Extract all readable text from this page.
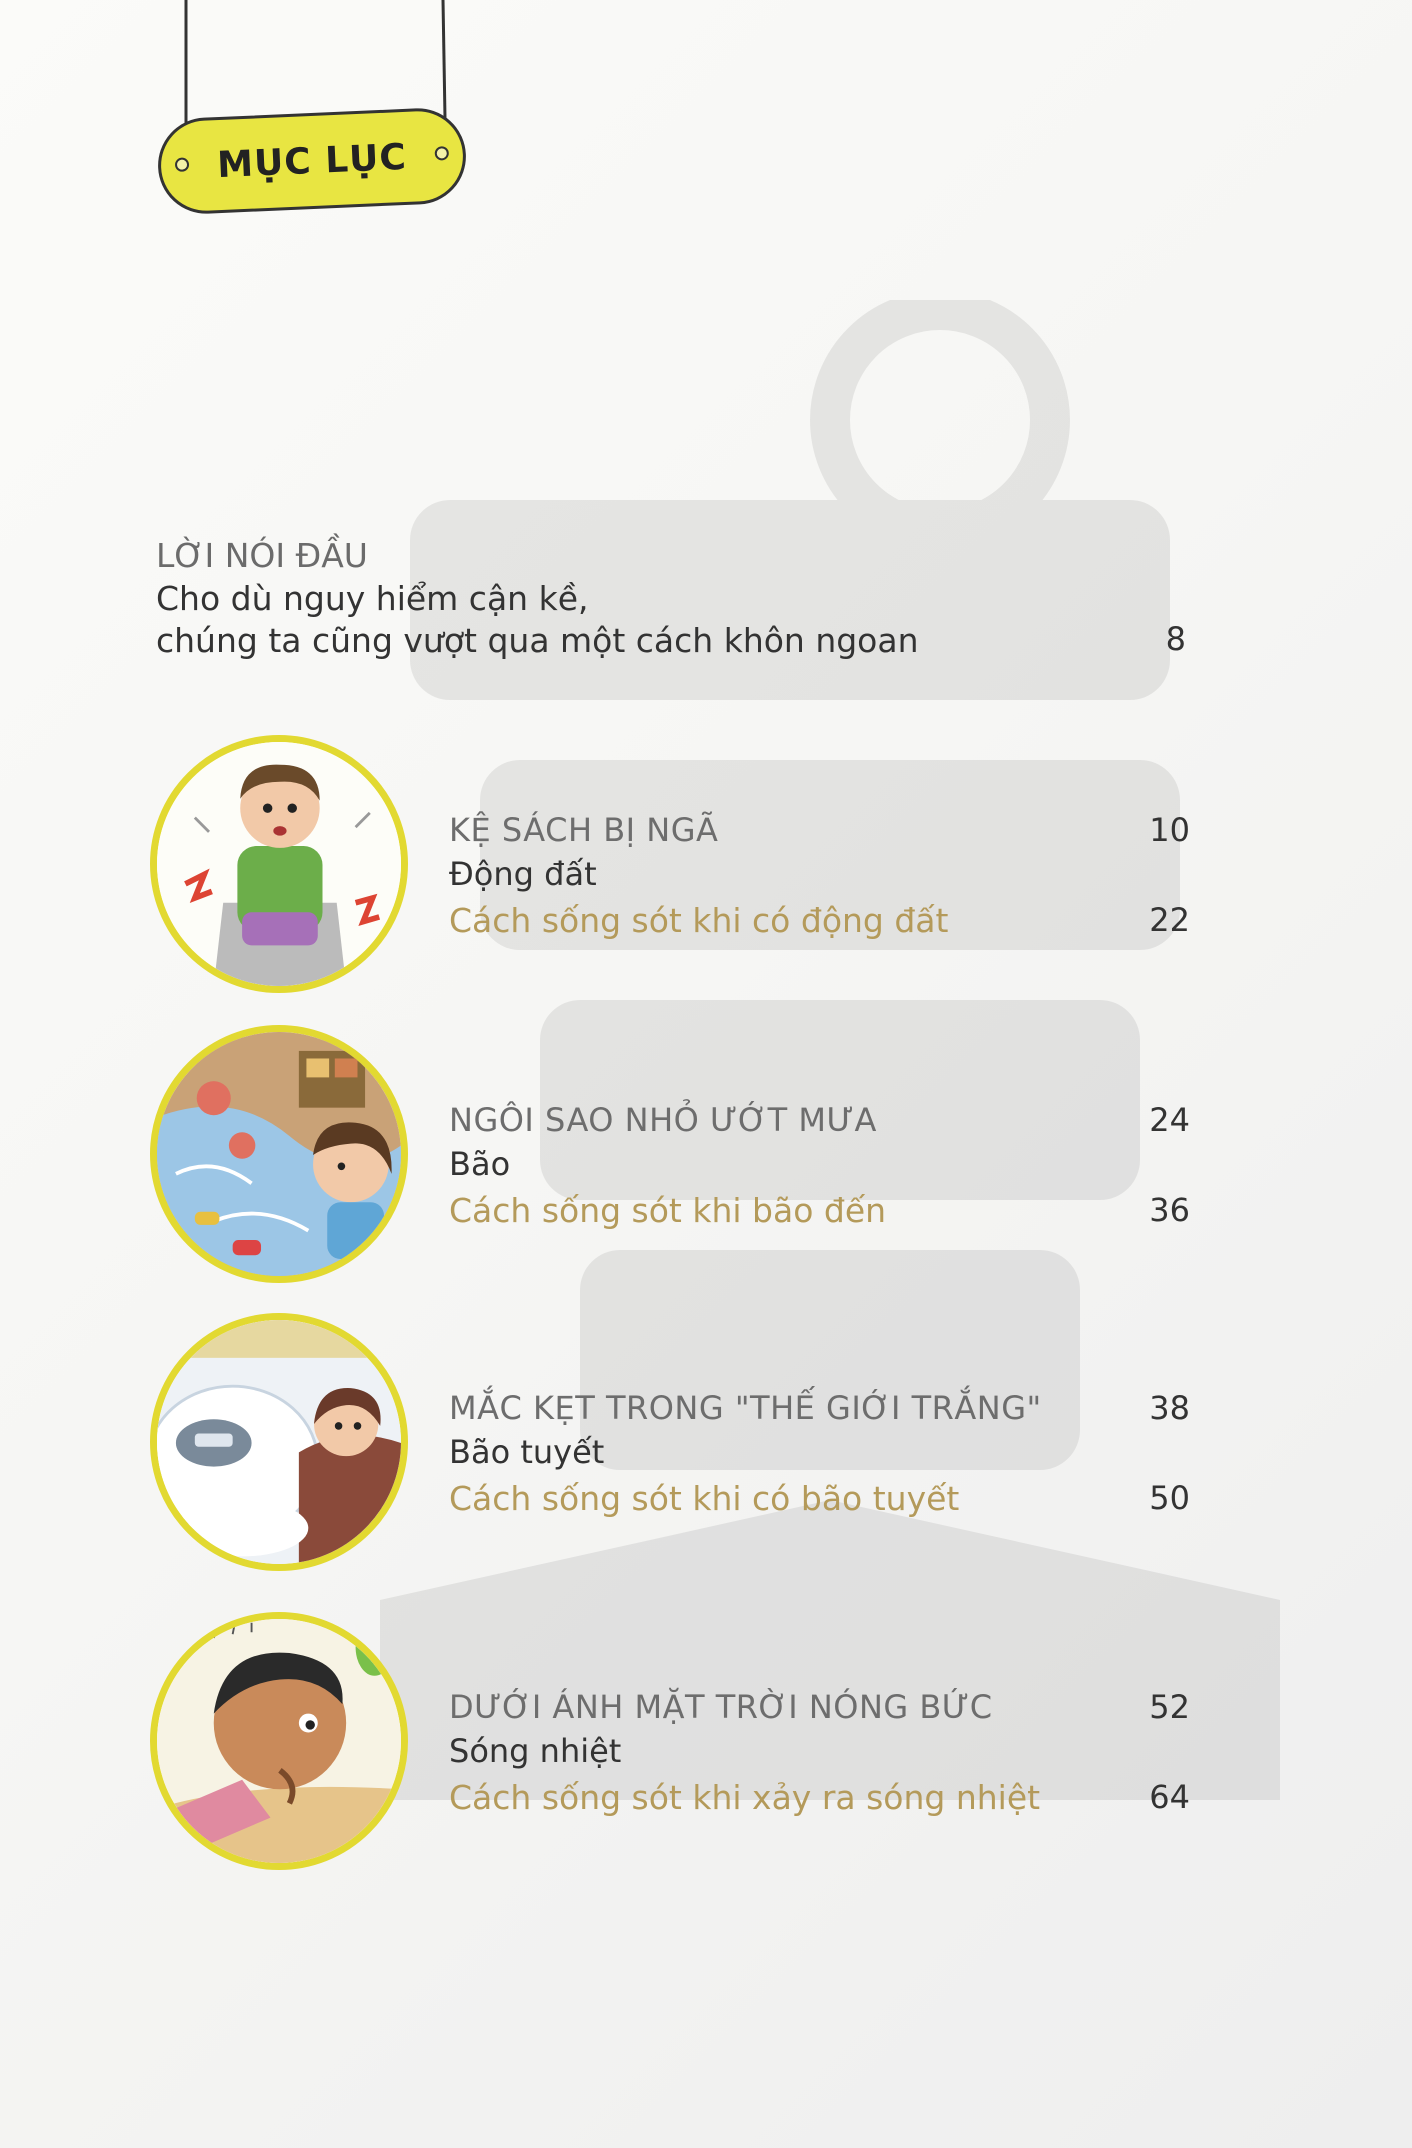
MỤC LỤC
LỜI NÓI ĐẦU
Cho dù nguy hiểm cận kề,
chúng ta cũng vượt qua một cách khôn ngoan	8
KỆ SÁCH BỊ NGÃ
Động đất
Cách sống sót khi có động đất
10
22
NGÔI SAO NHỎ ƯỚT MƯA
Bão
Cách sống sót khi bão đến
24
36
MẮC KẸT TRONG "THẾ GIỚI TRẮNG"
Bão tuyết
Cách sống sót khi có bão tuyết
38
50
DƯỚI ÁNH MẶT TRỜI NÓNG BỨC
Sóng nhiệt
Cách sống sót khi xảy ra sóng nhiệt
52
64
